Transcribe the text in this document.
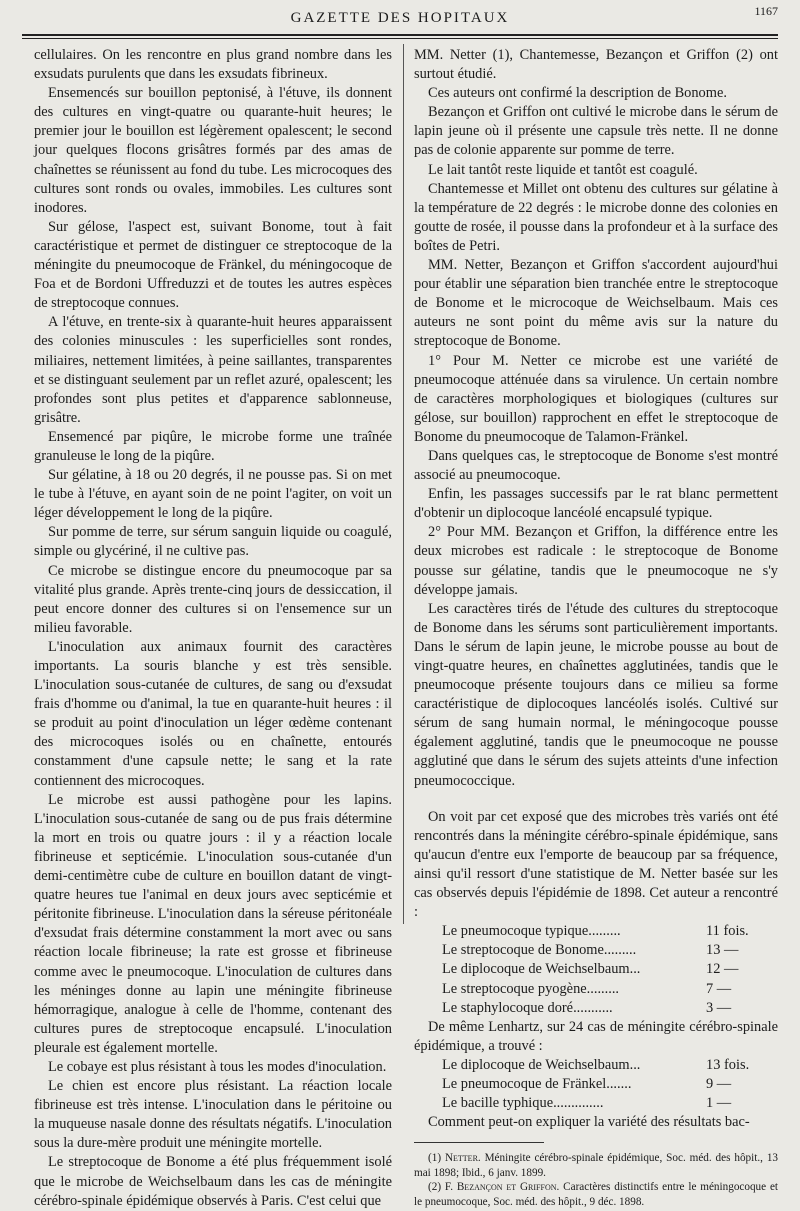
GAZETTE DES HOPITAUX	1167

cellulaires. On les rencontre en plus grand nombre dans les exsudats purulents que dans les exsudats fibrineux.

Ensemencés sur bouillon peptonisé, à l'étuve, ils donnent des cultures en vingt-quatre ou quarante-huit heures; le premier jour le bouillon est légèrement opalescent; le second jour quelques flocons grisâtres formés par des amas de chaînettes se réunissent au fond du tube. Les microcoques des cultures sont ronds ou ovales, immobiles. Les cultures sont inodores.

Sur gélose, l'aspect est, suivant Bonome, tout à fait caractéristique et permet de distinguer ce streptocoque de la méningite du pneumocoque de Fränkel, du méningocoque de Foa et de Bordoni Uffreduzzi et de toutes les autres espèces de streptocoque connues.

A l'étuve, en trente-six à quarante-huit heures apparaissent des colonies minuscules : les superficielles sont rondes, miliaires, nettement limitées, à peine saillantes, transparentes et se distinguant seulement par un reflet azuré, opalescent; les profondes sont plus petites et d'apparence sablonneuse, grisâtre.

Ensemencé par piqûre, le microbe forme une traînée granuleuse le long de la piqûre.

Sur gélatine, à 18 ou 20 degrés, il ne pousse pas. Si on met le tube à l'étuve, en ayant soin de ne point l'agiter, on voit un léger développement le long de la piqûre.

Sur pomme de terre, sur sérum sanguin liquide ou coagulé, simple ou glycériné, il ne cultive pas.

Ce microbe se distingue encore du pneumocoque par sa vitalité plus grande. Après trente-cinq jours de dessiccation, il peut encore donner des cultures si on l'ensemence sur un milieu favorable.

L'inoculation aux animaux fournit des caractères importants. La souris blanche y est très sensible. L'inoculation sous-cutanée de cultures, de sang ou d'exsudat frais d'homme ou d'animal, la tue en quarante-huit heures : il se produit au point d'inoculation un léger œdème contenant des microcoques isolés ou en chaînette, entourés constamment d'une capsule nette; le sang et la rate contiennent des microcoques.

Le microbe est aussi pathogène pour les lapins. L'inoculation sous-cutanée de sang ou de pus frais détermine la mort en trois ou quatre jours : il y a réaction locale fibrineuse et septicémie. L'inoculation sous-cutanée d'un demi-centimètre cube de culture en bouillon datant de vingt-quatre heures tue l'animal en deux jours avec septicémie et péritonite fibrineuse. L'inoculation dans la séreuse péritonéale d'exsudat frais détermine constamment la mort avec ou sans réaction locale fibrineuse; la rate est grosse et fibrineuse comme avec le pneumocoque. L'inoculation de cultures dans les méninges donne au lapin une méningite fibrineuse hémorragique, analogue à celle de l'homme, contenant des cultures pures de streptocoque encapsulé. L'inoculation pleurale est également mortelle.

Le cobaye est plus résistant à tous les modes d'inoculation.

Le chien est encore plus résistant. La réaction locale fibrineuse est très intense. L'inoculation dans le péritoine ou la muqueuse nasale donne des résultats négatifs. L'inoculation sous la dure-mère produit une méningite mortelle.

Le streptocoque de Bonome a été plus fréquemment isolé que le microbe de Weichselbaum dans les cas de méningite cérébro-spinale épidémique observés à Paris. C'est celui que

MM. Netter (1), Chantemesse, Bezançon et Griffon (2) ont surtout étudié.

Ces auteurs ont confirmé la description de Bonome.

Bezançon et Griffon ont cultivé le microbe dans le sérum de lapin jeune où il présente une capsule très nette. Il ne donne pas de colonie apparente sur pomme de terre.

Le lait tantôt reste liquide et tantôt est coagulé.

Chantemesse et Millet ont obtenu des cultures sur gélatine à la température de 22 degrés : le microbe donne des colonies en goutte de rosée, il pousse dans la profondeur et à la surface des boîtes de Petri.

MM. Netter, Bezançon et Griffon s'accordent aujourd'hui pour établir une séparation bien tranchée entre le streptocoque de Bonome et le microcoque de Weichselbaum. Mais ces auteurs ne sont point du même avis sur la nature du streptocoque de Bonome.

1° Pour M. Netter ce microbe est une variété de pneumocoque atténuée dans sa virulence. Un certain nombre de caractères morphologiques et biologiques (cultures sur gélose, sur bouillon) rapprochent en effet le streptocoque de Bonome du pneumocoque de Talamon-Fränkel.

Dans quelques cas, le streptocoque de Bonome s'est montré associé au pneumocoque.

Enfin, les passages successifs par le rat blanc permettent d'obtenir un diplocoque lancéolé encapsulé typique.

2° Pour MM. Bezançon et Griffon, la différence entre les deux microbes est radicale : le streptocoque de Bonome pousse sur gélatine, tandis que le pneumocoque ne s'y développe jamais.

Les caractères tirés de l'étude des cultures du streptocoque de Bonome dans les sérums sont particulièrement importants. Dans le sérum de lapin jeune, le microbe pousse au bout de vingt-quatre heures, en chaînettes agglutinées, tandis que le pneumocoque présente toujours dans ce milieu sa forme caractéristique de diplocoques lancéolés isolés. Cultivé sur sérum de sang humain normal, le méningocoque pousse également agglutiné, tandis que le pneumocoque ne pousse agglutiné que dans le sérum des sujets atteints d'une infection pneumococcique.

On voit par cet exposé que des microbes très variés ont été rencontrés dans la méningite cérébro-spinale épidémique, sans qu'aucun d'entre eux l'emporte de beaucoup par sa fréquence, ainsi qu'il ressort d'une statistique de M. Netter basée sur les cas observés depuis l'épidémie de 1898. Cet auteur a rencontré :

Le pneumocoque typique.........	11 fois.
Le streptocoque de Bonome.........	13 —
Le diplocoque de Weichselbaum...	12 —
Le streptocoque pyogène.........	7 —
Le staphylocoque doré...........	3 —

De même Lenhartz, sur 24 cas de méningite cérébro-spinale épidémique, a trouvé :

Le diplocoque de Weichselbaum...	13 fois.
Le pneumocoque de Fränkel.......	9 —
Le bacille typhique..............	1 —

Comment peut-on expliquer la variété des résultats bac-

(1) Netter. Méningite cérébro-spinale épidémique, Soc. méd. des hôpit., 13 mai 1898; Ibid., 6 janv. 1899.

(2) F. Bezançon et Griffon. Caractères distinctifs entre le méningocoque et le pneumocoque, Soc. méd. des hôpit., 9 déc. 1898.
